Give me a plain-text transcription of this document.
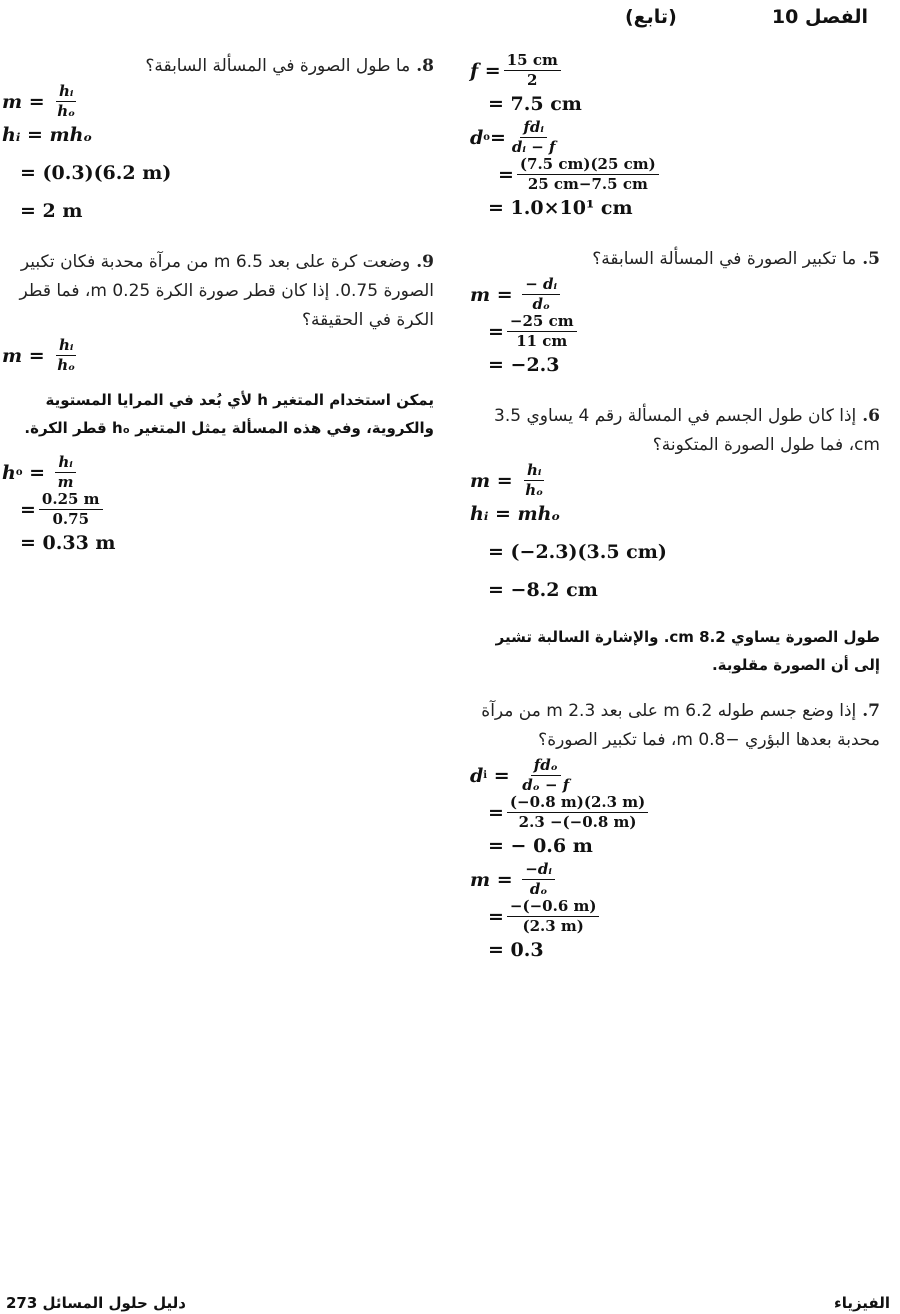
الفصل 10
(تابع)
$f = \frac{15 cm}{2}$
= 7.5 cm
d $o = \frac{\text{fdᵢ}}{\text{dᵢ − f}}$
= $\frac{(7.5 cm)(25 cm)}{25 cm-7.5 cm}$
= 1.0×10¹ cm
5.ما تكبير الصورة في المسألة السابقة؟
$m = \frac{\text{− dᵢ}}{\text{dₒ}}$
= $\frac{-25 cm}{11 cm}$
= −2.3
6.إذا كان طول الجسم في المسألة رقم 4 يساوي 3.5 cm، فما طول الصورة المتكونة؟
$m = \frac{\text{hᵢ}}{\text{hₒ}}$
hᵢ = mhₒ
= (−2.3)(3.5 cm)
= −8.2 cm
طول الصورة يساوي 8.2 cm. والإشارة السالبة تشير إلى أن الصورة مقلوبة.
7.إذا وضع جسم طوله 6.2 m على بعد 2.3 m من مرآة محدبة بعدها البؤري −0.8 m، فما تكبير الصورة؟
d $i = \frac{\text{fdₒ}}{\text{dₒ − f}}$
= $\frac{(-0.8 m)(2.3 m)}{2.3 -(-0.8 m)}$
= − 0.6 m
$m = \frac{\text{−dᵢ}}{\text{dₒ}}$
= $\frac{-(-0.6 m)}{(2.3 m)}$
= 0.3
8.ما طول الصورة في المسألة السابقة؟
$m = \frac{\text{hᵢ}}{\text{hₒ}}$
hᵢ = mhₒ
= (0.3)(6.2 m)
= 2 m
9.وضعت كرة على بعد 6.5 m من مرآة محدبة فكان تكبير الصورة 0.75. إذا كان قطر صورة الكرة 0.25 m، فما قطر الكرة في الحقيقة؟
$m = \frac{\text{hᵢ}}{\text{hₒ}}$
يمكن استخدام المتغير h لأي بُعد في المرايا المستوية والكروية، وفي هذه المسألة يمثل المتغير hₒ قطر الكرة.
h $o = \frac{\text{hᵢ}}{m}$
= $\frac{0.25 m}{0.75}$
= 0.33 m
دليل حلول المسائل 273	الفيزياء
